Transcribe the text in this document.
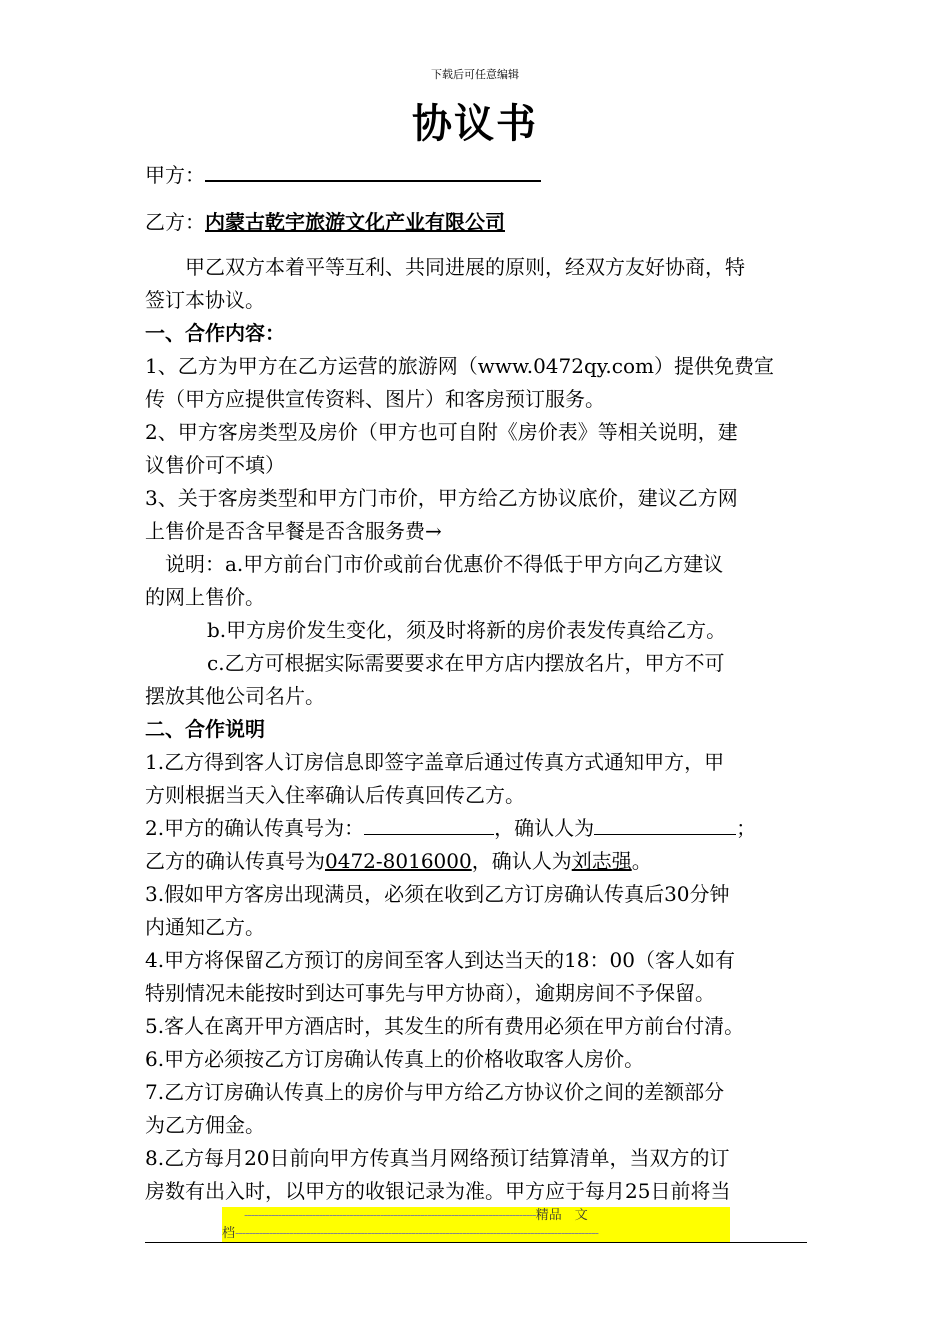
下载后可任意编辑
协议书

甲方：

乙方：内蒙古乾宇旅游文化产业有限公司

甲乙双方本着平等互利、共同进展的原则，经双方友好协商，特

签订本协议。

一、合作内容：

1、乙方为甲方在乙方运营的旅游网（www.0472qy.com）提供免费宣

传（甲方应提供宣传资料、图片）和客房预订服务。

2、甲方客房类型及房价（甲方也可自附《房价表》等相关说明，建

议售价可不填）

3、关于客房类型和甲方门市价，甲方给乙方协议底价，建议乙方网

上售价是否含早餐是否含服务费→

说明：a.甲方前台门市价或前台优惠价不得低于甲方向乙方建议

的网上售价。

b.甲方房价发生变化，须及时将新的房价表发传真给乙方。

c.乙方可根据实际需要要求在甲方店内摆放名片，甲方不可

摆放其他公司名片。

二、合作说明

1.乙方得到客人订房信息即签字盖章后通过传真方式通知甲方，甲

方则根据当天入住率确认后传真回传乙方。

2.甲方的确认传真号为：	，确认人为	；

乙方的确认传真号为0472-8016000，确认人为刘志强。

3.假如甲方客房出现满员，必须在收到乙方订房确认传真后30分钟

内通知乙方。

4.甲方将保留乙方预订的房间至客人到达当天的18：00（客人如有

特别情况未能按时到达可事先与甲方协商），逾期房间不予保留。

5.客人在离开甲方酒店时，其发生的所有费用必须在甲方前台付清。

6.甲方必须按乙方订房确认传真上的价格收取客人房价。

7.乙方订房确认传真上的房价与甲方给乙方协议价之间的差额部分

为乙方佣金。

8.乙方每月20日前向甲方传真当月网络预订结算清单，当双方的订

房数有出入时，以甲方的收银记录为准。甲方应于每月25日前将当

--------------------------------------------------------------------------------------精品　文
档-----------------------------------------------------------------------------------------------------------
